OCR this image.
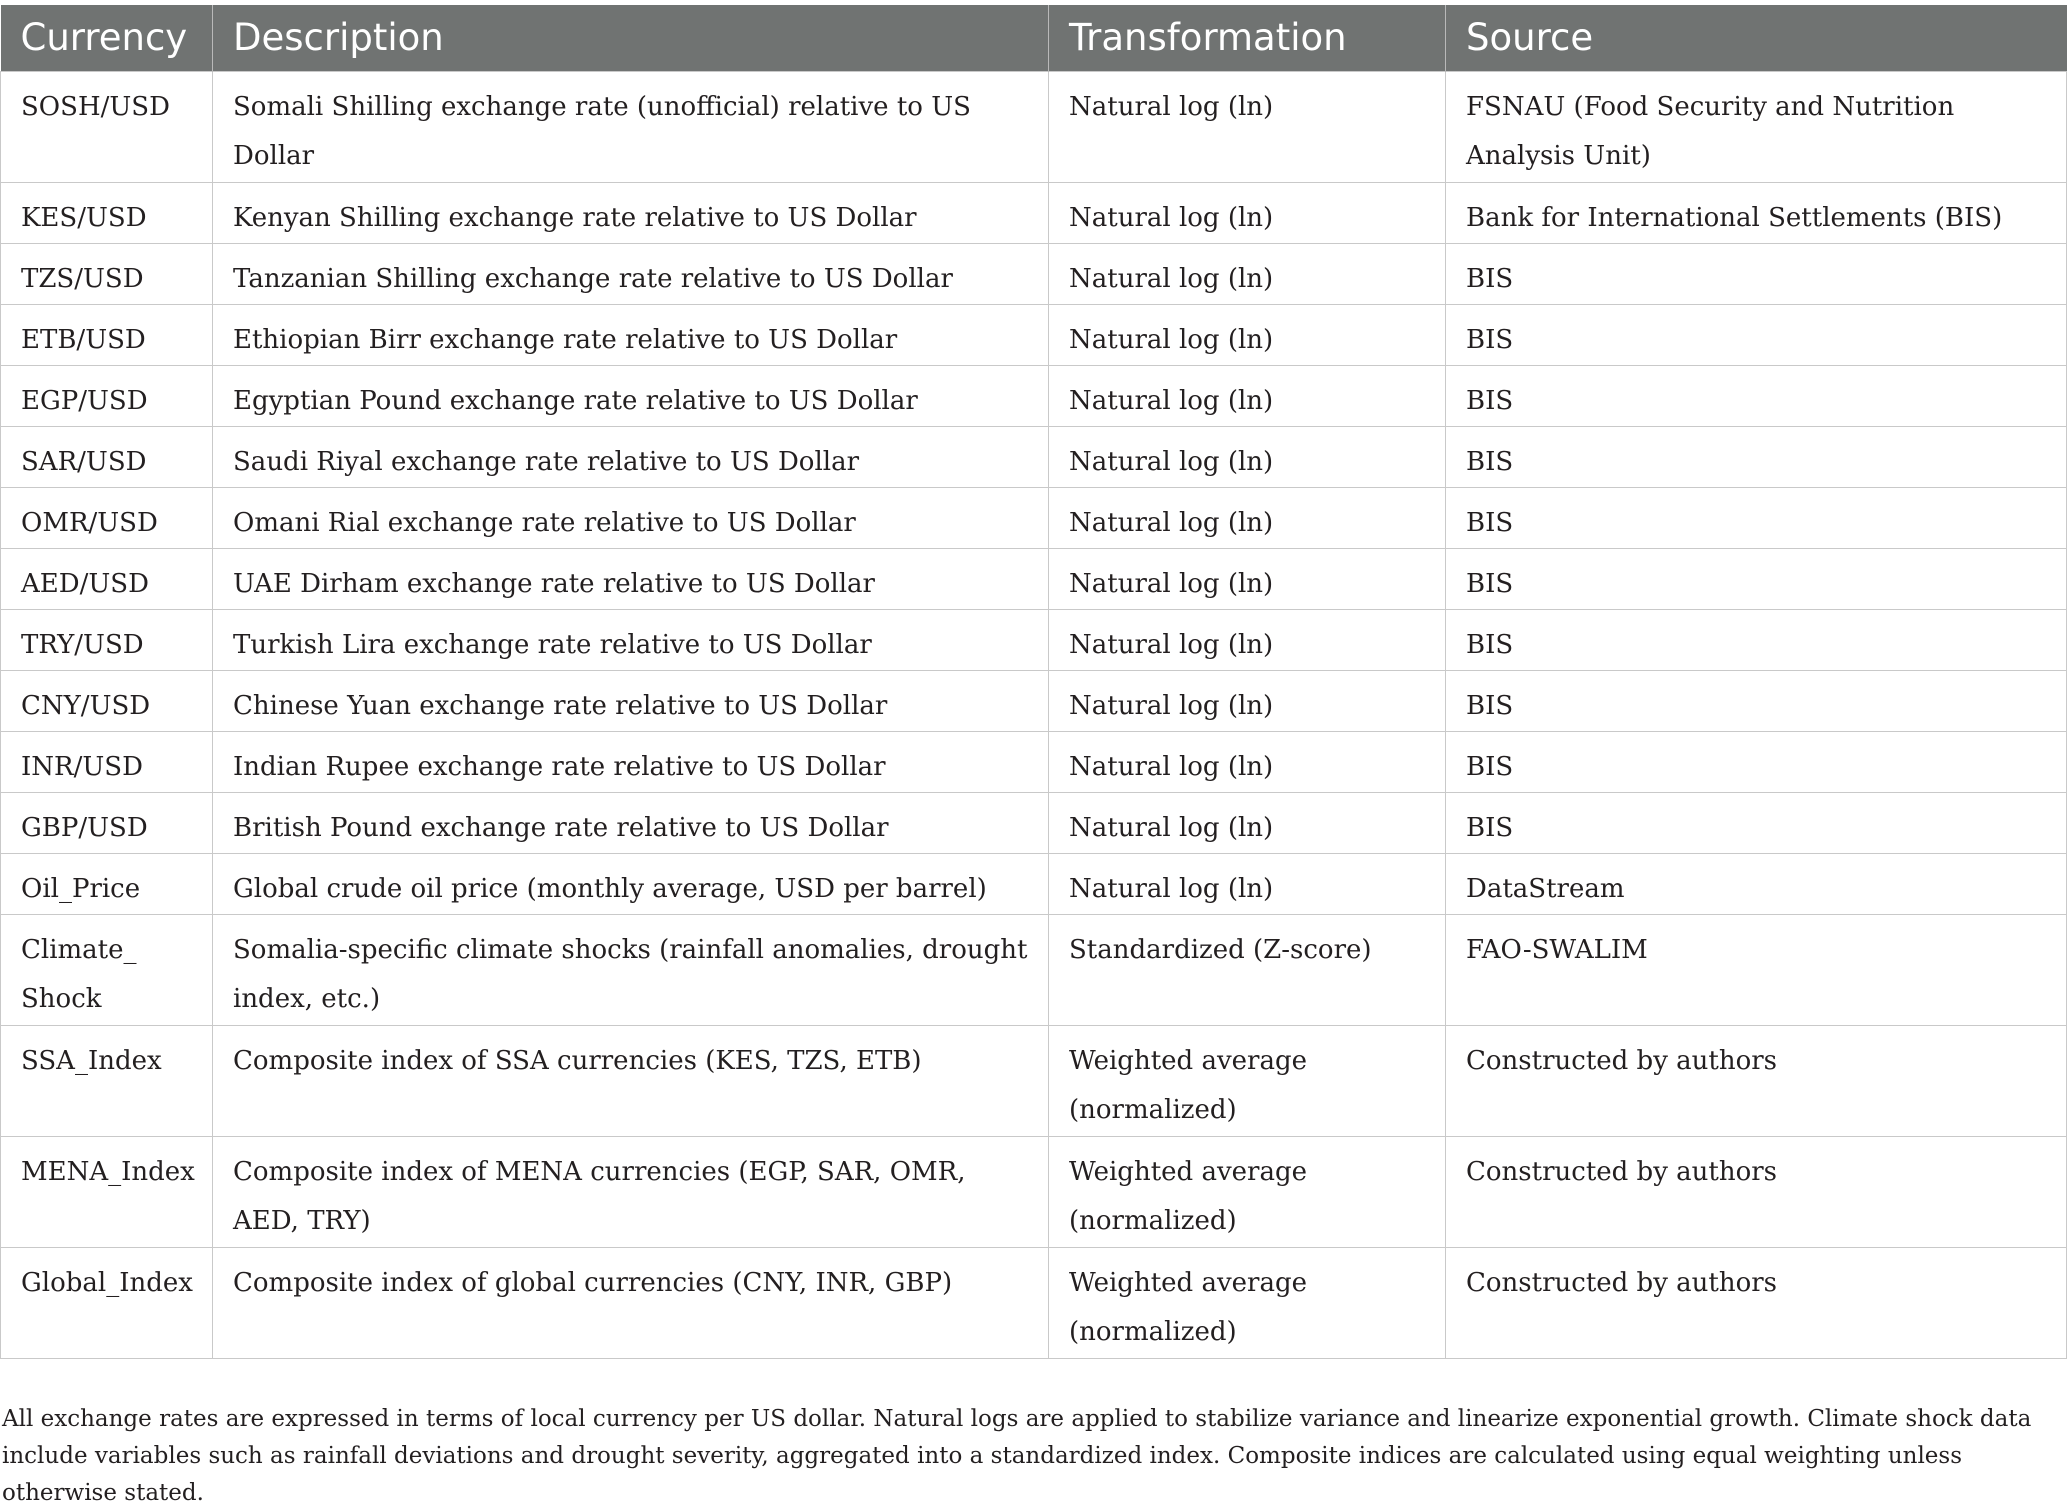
Currency	Description	Transformation	Source
SOSH/USD	Somali Shilling exchange rate (unofficial) relative to US Dollar	Natural log (ln)	FSNAU (Food Security and Nutrition Analysis Unit)
KES/USD	Kenyan Shilling exchange rate relative to US Dollar	Natural log (ln)	Bank for International Settlements (BIS)
TZS/USD	Tanzanian Shilling exchange rate relative to US Dollar	Natural log (ln)	BIS
ETB/USD	Ethiopian Birr exchange rate relative to US Dollar	Natural log (ln)	BIS
EGP/USD	Egyptian Pound exchange rate relative to US Dollar	Natural log (ln)	BIS
SAR/USD	Saudi Riyal exchange rate relative to US Dollar	Natural log (ln)	BIS
OMR/USD	Omani Rial exchange rate relative to US Dollar	Natural log (ln)	BIS
AED/USD	UAE Dirham exchange rate relative to US Dollar	Natural log (ln)	BIS
TRY/USD	Turkish Lira exchange rate relative to US Dollar	Natural log (ln)	BIS
CNY/USD	Chinese Yuan exchange rate relative to US Dollar	Natural log (ln)	BIS
INR/USD	Indian Rupee exchange rate relative to US Dollar	Natural log (ln)	BIS
GBP/USD	British Pound exchange rate relative to US Dollar	Natural log (ln)	BIS
Oil_Price	Global crude oil price (monthly average, USD per barrel)	Natural log (ln)	DataStream
Climate_ Shock	Somalia-specific climate shocks (rainfall anomalies, drought index, etc.)	Standardized (Z-score)	FAO-SWALIM
SSA_Index	Composite index of SSA currencies (KES, TZS, ETB)	Weighted average (normalized)	Constructed by authors
MENA_Index	Composite index of MENA currencies (EGP, SAR, OMR, AED, TRY)	Weighted average (normalized)	Constructed by authors
Global_Index	Composite index of global currencies (CNY, INR, GBP)	Weighted average (normalized)	Constructed by authors

All exchange rates are expressed in terms of local currency per US dollar. Natural logs are applied to stabilize variance and linearize exponential growth. Climate shock data include variables such as rainfall deviations and drought severity, aggregated into a standardized index. Composite indices are calculated using equal weighting unless otherwise stated.
